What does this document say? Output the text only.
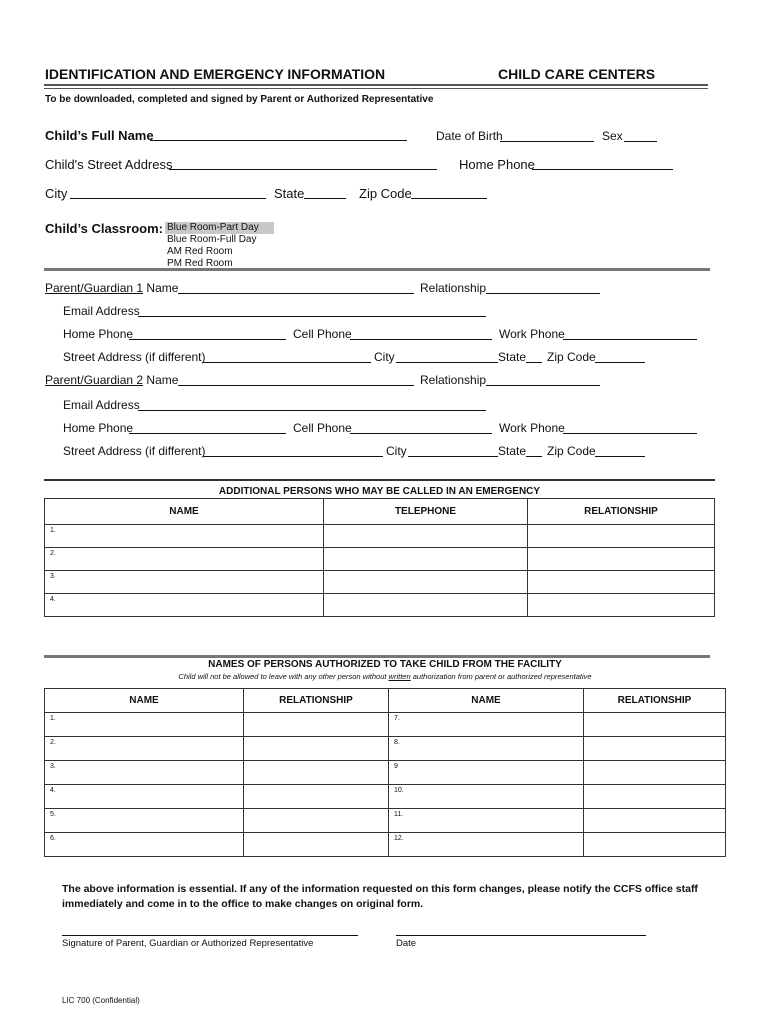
IDENTIFICATION AND EMERGENCY INFORMATION	CHILD CARE CENTERS
To be downloaded, completed and signed by Parent or Authorized Representative
Child’s Full Name	Date of Birth	Sex
Child's Street Address	Home Phone
City	State	Zip Code
Child’s Classroom: Blue Room-Part Day
Blue Room-Full Day
AM Red Room
PM Red Room
Parent/Guardian 1 Name	Relationship
Email Address
Home Phone	Cell Phone	Work Phone
Street Address (if different)	City	State Zip Code
Parent/Guardian 2 Name	Relationship
Email Address
Home Phone	Cell Phone	Work Phone
Street Address (if different)	City	State Zip Code
ADDITIONAL PERSONS WHO MAY BE CALLED IN AN EMERGENCY
NAME	TELEPHONE	RELATIONSHIP
1.		
2.		
3.		
4.		
NAMES OF PERSONS AUTHORIZED TO TAKE CHILD FROM THE FACILITY
Child will not be allowed to leave with any other person without written authorization from parent or authorized representative
NAME	RELATIONSHIP	NAME	RELATIONSHIP
1.		7.	
2.		8.	
3.		9	
4.		10.	
5.		11.	
6.		12.	
The above information is essential. If any of the information requested on this form changes, please notify the CCFS office staff immediately and come in to the office to make changes on original form.
Signature of Parent, Guardian or Authorized Representative	Date
LIC 700 (Confidential)
